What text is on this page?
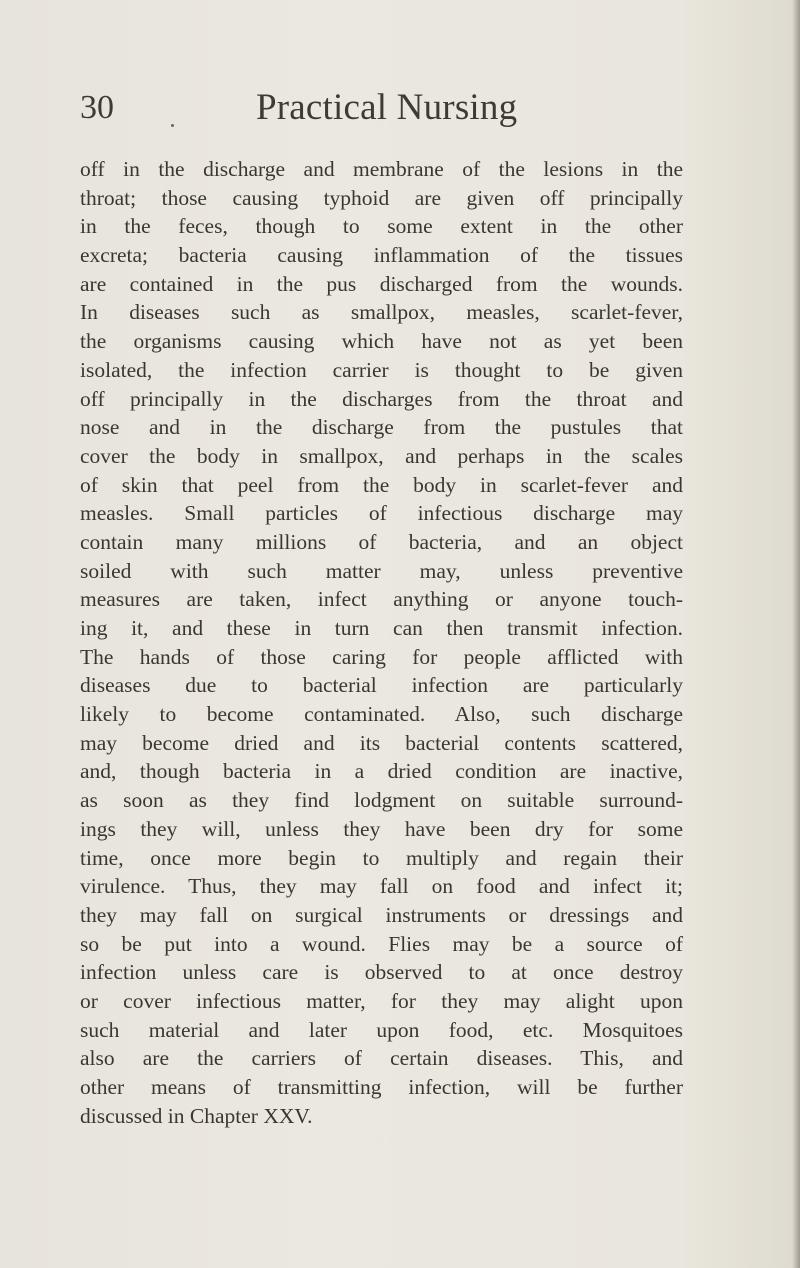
30	Practical Nursing
off in the discharge and membrane of the lesions in the
throat; those causing typhoid are given off principally
in the feces, though to some extent in the other
excreta; bacteria causing inflammation of the tissues
are contained in the pus discharged from the wounds.
In diseases such as smallpox, measles, scarlet-fever,
the organisms causing which have not as yet been
isolated, the infection carrier is thought to be given
off principally in the discharges from the throat and
nose and in the discharge from the pustules that
cover the body in smallpox, and perhaps in the scales
of skin that peel from the body in scarlet-fever and
measles. Small particles of infectious discharge may
contain many millions of bacteria, and an object
soiled with such matter may, unless preventive
measures are taken, infect anything or anyone touch-
ing it, and these in turn can then transmit infection.
The hands of those caring for people afflicted with
diseases due to bacterial infection are particularly
likely to become contaminated. Also, such discharge
may become dried and its bacterial contents scattered,
and, though bacteria in a dried condition are inactive,
as soon as they find lodgment on suitable surround-
ings they will, unless they have been dry for some
time, once more begin to multiply and regain their
virulence. Thus, they may fall on food and infect it;
they may fall on surgical instruments or dressings and
so be put into a wound. Flies may be a source of
infection unless care is observed to at once destroy
or cover infectious matter, for they may alight upon
such material and later upon food, etc. Mosquitoes
also are the carriers of certain diseases. This, and
other means of transmitting infection, will be further
discussed in Chapter XXV.
